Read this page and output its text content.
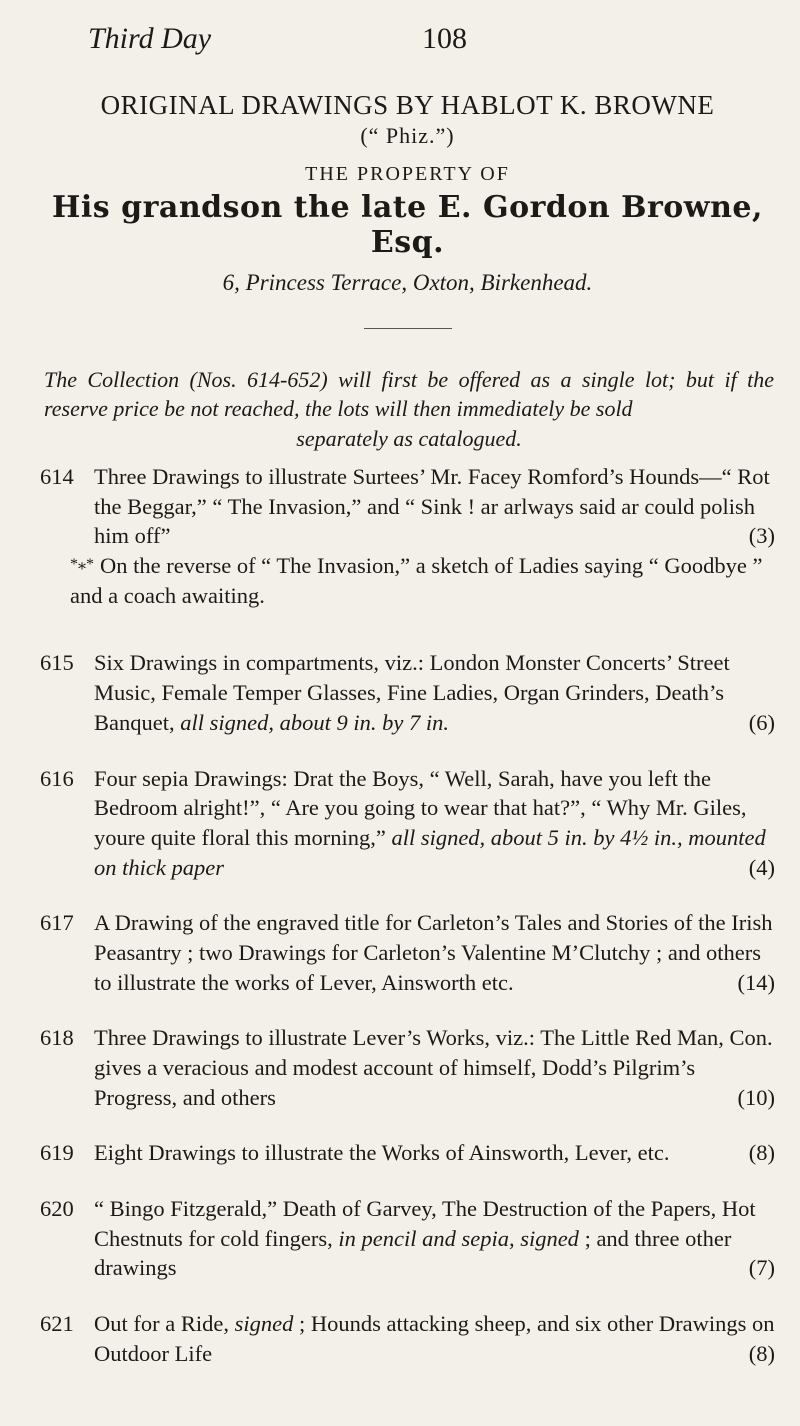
Third Day	108
ORIGINAL DRAWINGS BY HABLOT K. BROWNE
(“ Phiz.”)
THE PROPERTY OF
His grandson the late E. Gordon Browne, Esq.
6, Princess Terrace, Oxton, Birkenhead.
The Collection (Nos. 614-652) will first be offered as a single lot; but if the reserve price be not reached, the lots will then immediately be sold
separately as catalogued.
614 Three Drawings to illustrate Surtees’ Mr. Facey Romford’s Hounds—“ Rot the Beggar,” “ The Invasion,” and “ Sink ! ar arlways said ar could polish him off”	(3)
*⁎* On the reverse of “ The Invasion,” a sketch of Ladies saying “ Goodbye ” and a coach awaiting.
615 Six Drawings in compartments, viz.: London Monster Concerts’ Street Music, Female Temper Glasses, Fine Ladies, Organ Grinders, Death’s Banquet, all signed, about 9 in. by 7 in.	(6)
616 Four sepia Drawings: Drat the Boys, “ Well, Sarah, have you left the Bedroom alright!”, “ Are you going to wear that hat?”, “ Why Mr. Giles, youre quite floral this morning,” all signed, about 5 in. by 4½ in., mounted on thick paper	(4)
617 A Drawing of the engraved title for Carleton’s Tales and Stories of the Irish Peasantry ; two Drawings for Carleton’s Valentine M’Clutchy ; and others to illustrate the works of Lever, Ainsworth etc.	(14)
618 Three Drawings to illustrate Lever’s Works, viz.: The Little Red Man, Con. gives a veracious and modest account of himself, Dodd’s Pilgrim’s Progress, and others	(10)
619 Eight Drawings to illustrate the Works of Ainsworth, Lever, etc.	(8)
620 “ Bingo Fitzgerald,” Death of Garvey, The Destruction of the Papers, Hot Chestnuts for cold fingers, in pencil and sepia, signed ; and three other drawings	(7)
621 Out for a Ride, signed ; Hounds attacking sheep, and six other Drawings on Outdoor Life	(8)
